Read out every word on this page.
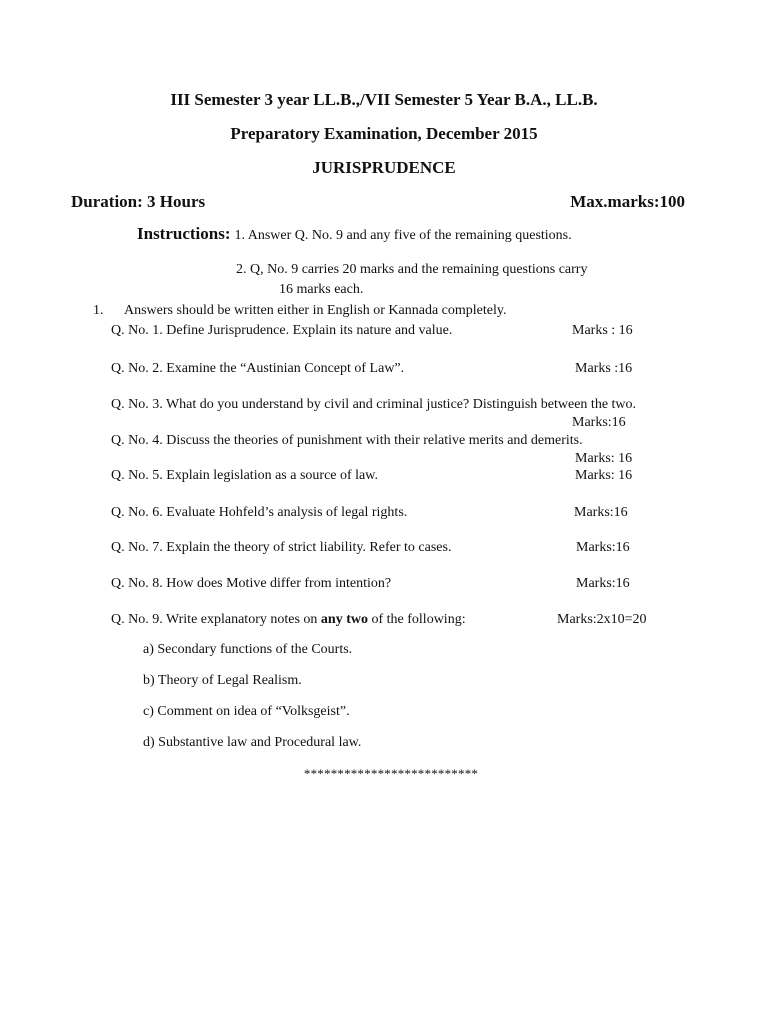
III Semester 3 year LL.B.,/VII Semester 5 Year B.A., LL.B.
Preparatory Examination, December 2015
JURISPRUDENCE
Duration: 3 Hours	Max.marks:100
Instructions: 1. Answer Q. No. 9 and any five of the remaining questions.
2. Q, No. 9 carries 20 marks and the remaining questions carry
16 marks each.
1. Answers should be written either in English or Kannada completely.
Q. No. 1. Define Jurisprudence. Explain its nature and value.	Marks : 16
Q. No. 2. Examine the “Austinian Concept of Law”.	Marks :16
Q. No. 3. What do you understand by civil and criminal justice? Distinguish between the two.
Marks:16
Q. No. 4. Discuss the theories of punishment with their relative merits and demerits.
Marks: 16
Q. No. 5. Explain legislation as a source of law.	Marks: 16
Q. No. 6. Evaluate Hohfeld’s analysis of legal rights.	Marks:16
Q. No. 7. Explain the theory of strict liability. Refer to cases.	Marks:16
Q. No. 8. How does Motive differ from intention?	Marks:16
Q. No. 9. Write explanatory notes on any two of the following:	Marks:2x10=20
a) Secondary functions of the Courts.
b) Theory of Legal Realism.
c) Comment on idea of “Volksgeist”.
d) Substantive law and Procedural law.
**************************
